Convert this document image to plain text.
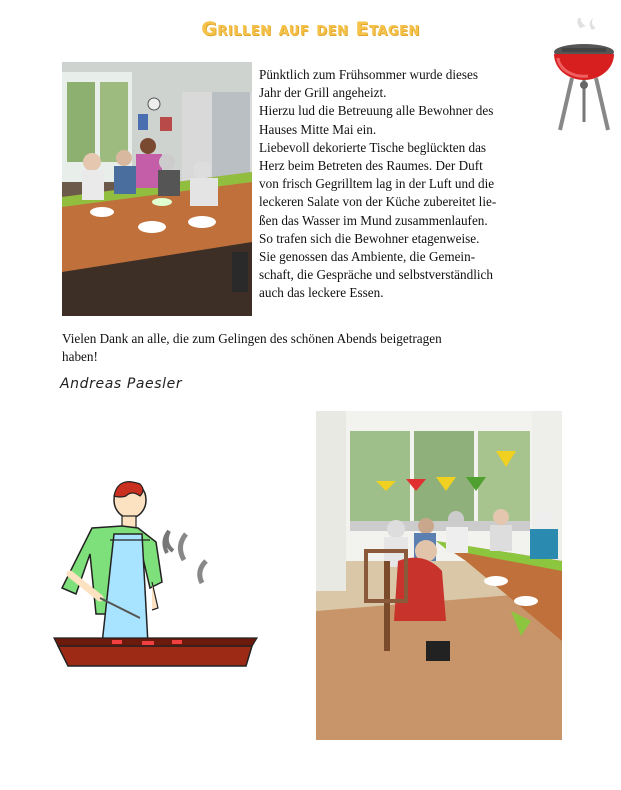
Grillen auf den Etagen
Pünktlich zum Frühsommer wurde dieses
Jahr der Grill angeheizt.
Hierzu lud die Betreuung alle Bewohner des
Hauses Mitte Mai ein.
Liebevoll dekorierte Tische beglückten das
Herz beim Betreten des Raumes. Der Duft
von frisch Gegrilltem lag in der Luft und die
leckeren Salate von der Küche zubereitet lie-
ßen das Wasser im Mund zusammenlaufen.
So trafen sich die Bewohner etagenweise.
Sie genossen das Ambiente, die Gemein-
schaft, die Gespräche und selbstverständlich
auch das leckere Essen.
Vielen Dank an alle, die zum Gelingen des schönen Abends beigetragen
haben!
Andreas Paesler
